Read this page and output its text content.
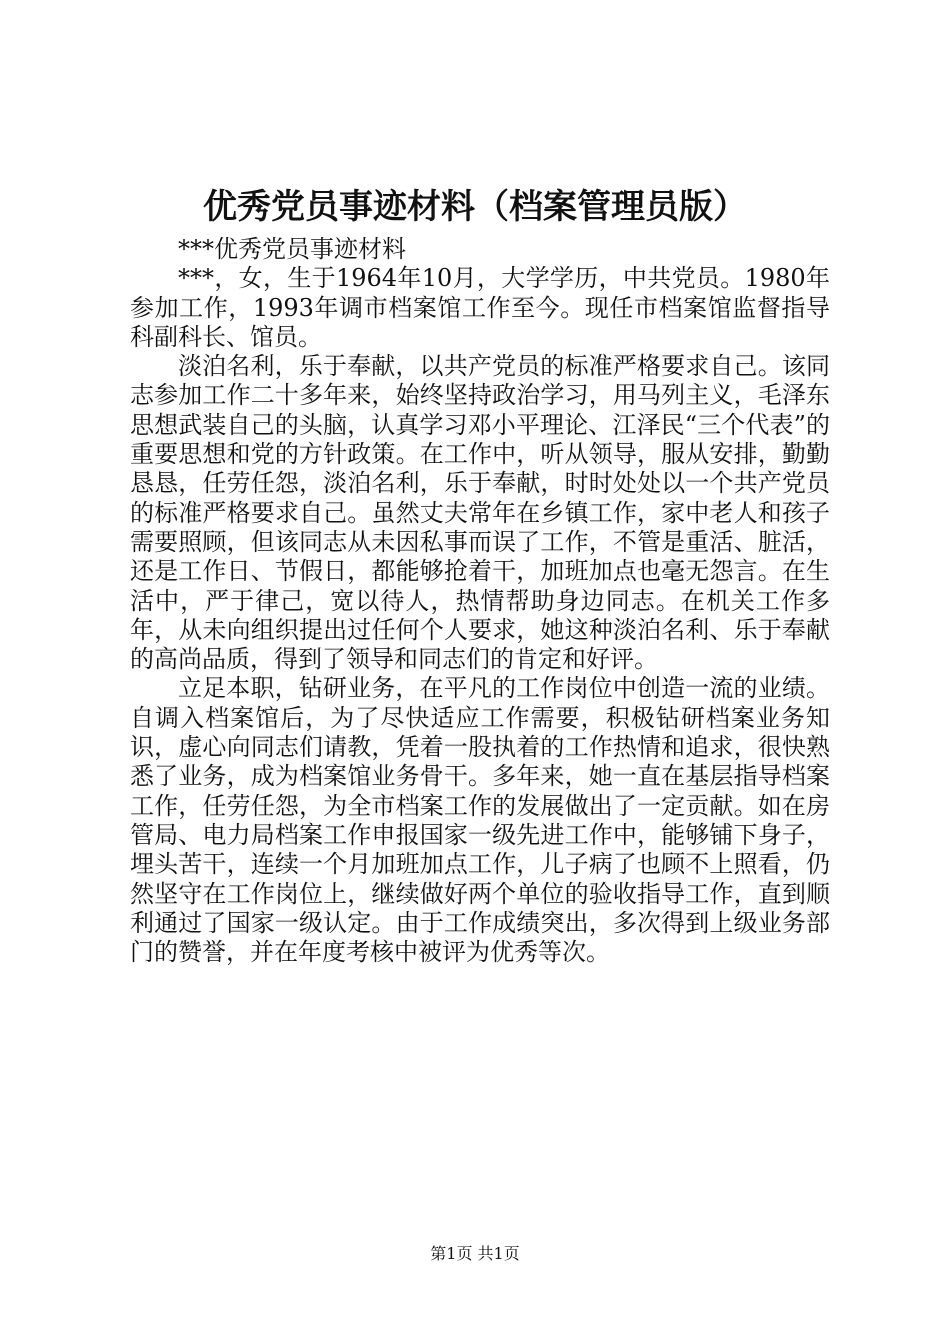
优秀党员事迹材料（档案管理员版）

***优秀党员事迹材料

***，女，生于1964年10月，大学学历，中共党员。1980年参加工作，1993年调市档案馆工作至今。现任市档案馆监督指导科副科长、馆员。

淡泊名利，乐于奉献，以共产党员的标准严格要求自己。该同志参加工作二十多年来，始终坚持政治学习，用马列主义，毛泽东思想武装自己的头脑，认真学习邓小平理论、江泽民“三个代表”的重要思想和党的方针政策。在工作中，听从领导，服从安排，勤勤恳恳，任劳任怨，淡泊名利，乐于奉献，时时处处以一个共产党员的标准严格要求自己。虽然丈夫常年在乡镇工作，家中老人和孩子需要照顾，但该同志从未因私事而误了工作，不管是重活、脏活，还是工作日、节假日，都能够抢着干，加班加点也毫无怨言。在生活中，严于律己，宽以待人，热情帮助身边同志。在机关工作多年，从未向组织提出过任何个人要求，她这种淡泊名利、乐于奉献的高尚品质，得到了领导和同志们的肯定和好评。

立足本职，钻研业务，在平凡的工作岗位中创造一流的业绩。自调入档案馆后，为了尽快适应工作需要，积极钻研档案业务知识，虚心向同志们请教，凭着一股执着的工作热情和追求，很快熟悉了业务，成为档案馆业务骨干。多年来，她一直在基层指导档案工作，任劳任怨，为全市档案工作的发展做出了一定贡献。如在房管局、电力局档案工作申报国家一级先进工作中，能够铺下身子，埋头苦干，连续一个月加班加点工作，儿子病了也顾不上照看，仍然坚守在工作岗位上，继续做好两个单位的验收指导工作，直到顺利通过了国家一级认定。由于工作成绩突出，多次得到上级业务部门的赞誉，并在年度考核中被评为优秀等次。

第1页 共1页
